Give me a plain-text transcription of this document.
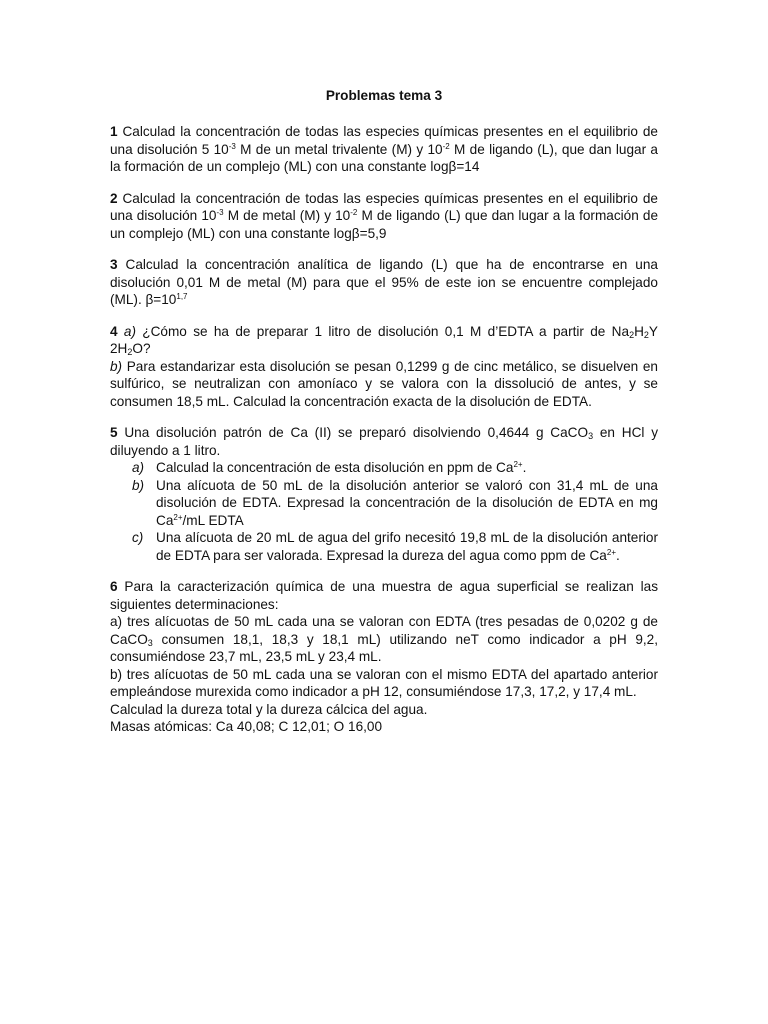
Problemas tema 3

1 Calculad la concentración de todas las especies químicas presentes en el equilibrio de una disolución 5 $10^{-3}$ M de un metal trivalente (M) y $10^{-2}$ M de ligando (L), que dan lugar a la formación de un complejo (ML) con una constante logβ=14

2 Calculad la concentración de todas las especies químicas presentes en el equilibrio de una disolución $10^{-3}$ M de metal (M) y $10^{-2}$ M de ligando (L) que dan lugar a la formación de un complejo (ML) con una constante logβ=5,9

3 Calculad la concentración analítica de ligando (L) que ha de encontrarse en una disolución 0,01 M de metal (M) para que el 95% de este ion se encuentre complejado (ML). $\beta=10^{1,7}$

4 a) ¿Cómo se ha de preparar 1 litro de disolución 0,1 M d’EDTA a partir de $Na_2H_2Y$ $2H_2O$?

b) Para estandarizar esta disolución se pesan 0,1299 g de cinc metálico, se disuelven en sulfúrico, se neutralizan con amoníaco y se valora con la dissolució de antes, y se consumen 18,5 mL. Calculad la concentración exacta de la disolución de EDTA.

5 Una disolución patrón de Ca (II) se preparó disolviendo 0,4644 g CaCO$_3$ en HCl y diluyendo a 1 litro.

a) Calculad la concentración de esta disolución en ppm de $Ca^{2+}$.
b) Una alícuota de 50 mL de la disolución anterior se valoró con 31,4 mL de una disolución de EDTA. Expresad la concentración de la disolución de EDTA en mg $Ca^{2+}/mL$ EDTA
c) Una alícuota de 20 mL de agua del grifo necesitó 19,8 mL de la disolución anterior de EDTA para ser valorada. Expresad la dureza del agua como ppm de $Ca^{2+}$.

6 Para la caracterización química de una muestra de agua superficial se realizan las siguientes determinaciones:

a) tres alícuotas de 50 mL cada una se valoran con EDTA (tres pesadas de 0,0202 g de CaCO$_3$ consumen 18,1, 18,3 y 18,1 mL) utilizando neT como indicador a pH 9,2, consumiéndose 23,7 mL, 23,5 mL y 23,4 mL.

b) tres alícuotas de 50 mL cada una se valoran con el mismo EDTA del apartado anterior empleándose murexida como indicador a pH 12, consumiéndose 17,3, 17,2, y 17,4 mL.

Calculad la dureza total y la dureza cálcica del agua.

Masas atómicas: Ca 40,08; C 12,01; O 16,00
